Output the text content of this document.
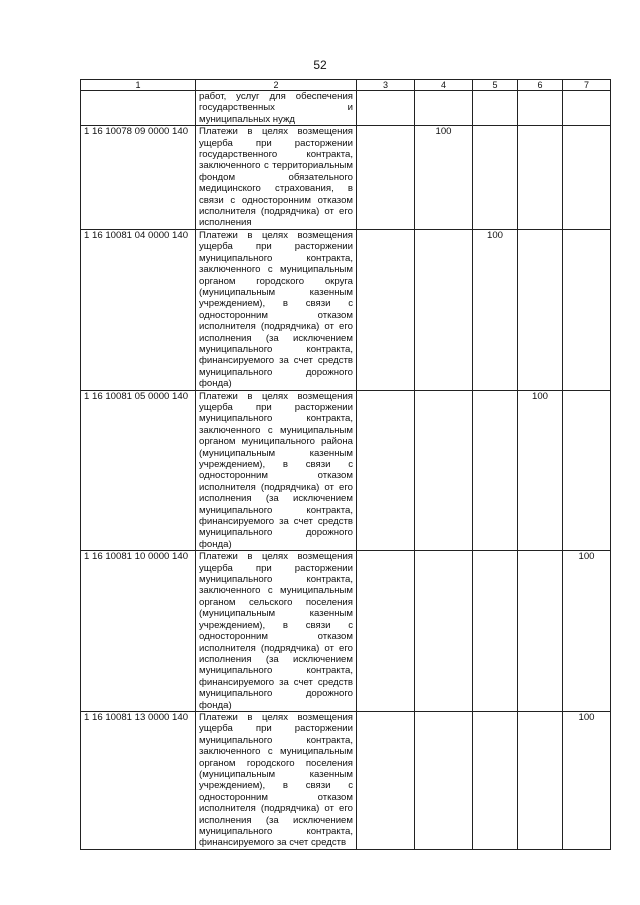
52
1	2	3	4	5	6	7
	работ, услуг для обеспечения государственных и муниципальных нужд					
1 16 10078 09 0000 140	Платежи в целях возмещения ущерба при расторжении государственного контракта, заключенного с территориальным фондом обязательного медицинского страхования, в связи с односторонним отказом исполнителя (подрядчика) от его исполнения		100			
1 16 10081 04 0000 140	Платежи в целях возмещения ущерба при расторжении муниципального контракта, заключенного с муниципальным органом городского округа (муниципальным казенным учреждением), в связи с односторонним отказом исполнителя (подрядчика) от его исполнения (за исключением муниципального контракта, финансируемого за счет средств муниципального дорожного фонда)			100		
1 16 10081 05 0000 140	Платежи в целях возмещения ущерба при расторжении муниципального контракта, заключенного с муниципальным органом муниципального района (муниципальным казенным учреждением), в связи с односторонним отказом исполнителя (подрядчика) от его исполнения (за исключением муниципального контракта, финансируемого за счет средств муниципального дорожного фонда)				100	
1 16 10081 10 0000 140	Платежи в целях возмещения ущерба при расторжении муниципального контракта, заключенного с муниципальным органом сельского поселения (муниципальным казенным учреждением), в связи с односторонним отказом исполнителя (подрядчика) от его исполнения (за исключением муниципального контракта, финансируемого за счет средств муниципального дорожного фонда)					100
1 16 10081 13 0000 140	Платежи в целях возмещения ущерба при расторжении муниципального контракта, заключенного с муниципальным органом городского поселения (муниципальным казенным учреждением), в связи с односторонним отказом исполнителя (подрядчика) от его исполнения (за исключением муниципального контракта, финансируемого за счет средств					100
